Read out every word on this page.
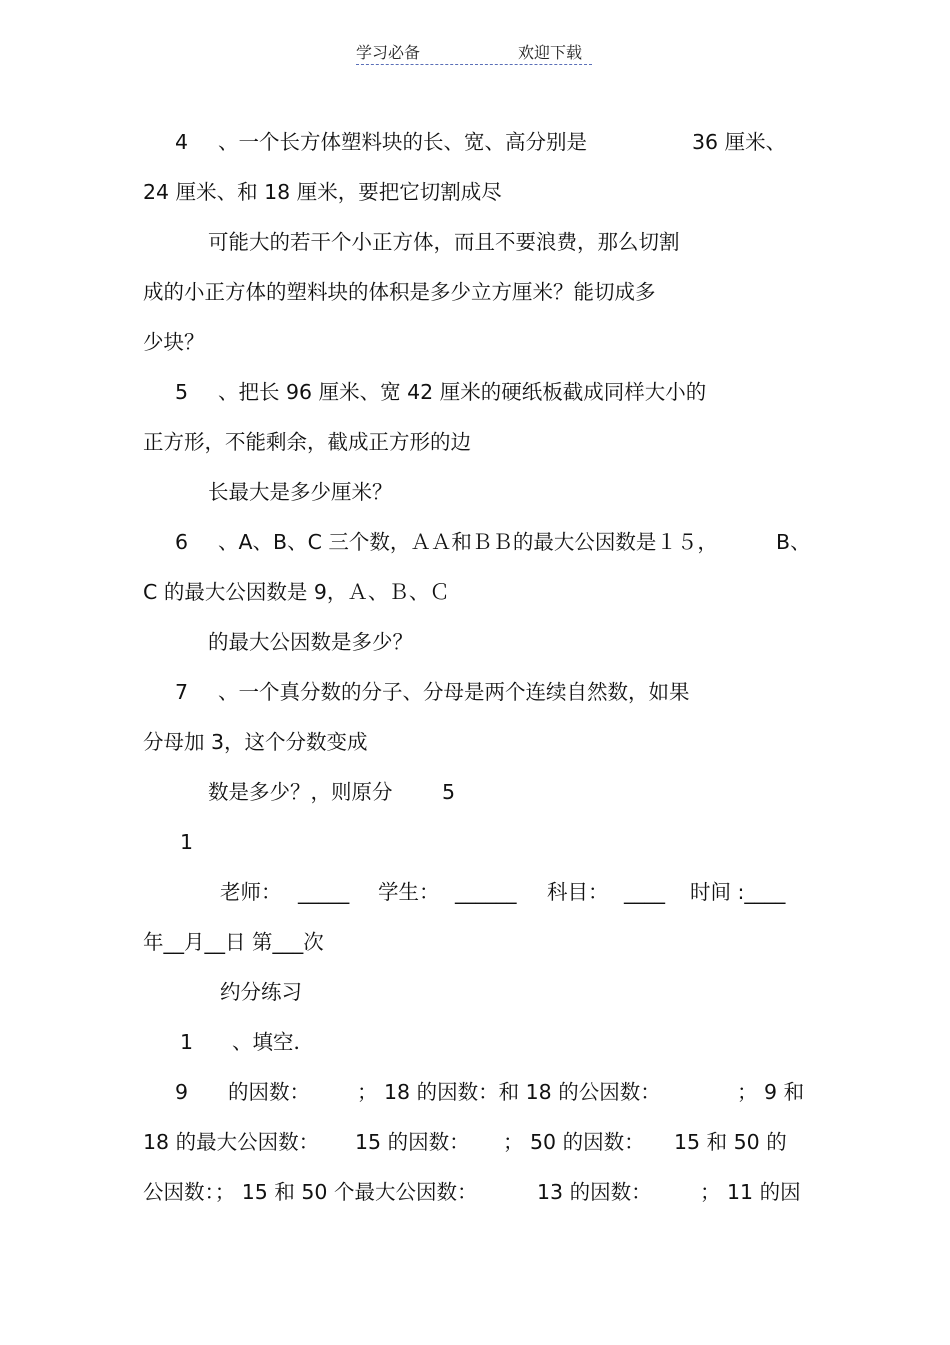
学习必备	欢迎下载
4 、一个长方体塑料块的长、宽、高分别是	36 厘米、
24 厘米、和 18 厘米，要把它切割成尽
可能大的若干个小正方体，而且不要浪费，那么切割
成的小正方体的塑料块的体积是多少立方厘米？能切成多
少块？
5 、把长 96 厘米、宽 42 厘米的硬纸板截成同样大小的
正方形，不能剩余，截成正方形的边
长最大是多少厘米？
6 、A、B、C 三个数，ＡＡ和ＢＢ的最大公因数是１５，	B、
C 的最大公因数是 9，Ａ、Ｂ、Ｃ
的最大公因数是多少？
7 、一个真分数的分子、分母是两个连续自然数，如果
分母加 3，这个分数变成
数是多少？，则原分 5
1
老师： _____ 学生： ______ 科目： ____ 时间 :____
年__月__日 第___次
约分练习
1 、填空．
9 的因数： ； 18 的因数：和 18 的公因数：	； 9 和
18 的最大公因数： 15 的因数： ； 50 的因数： 15 和 50 的
公因数：； 15 和 50 个最大公因数：	13 的因数： ； 11 的因
